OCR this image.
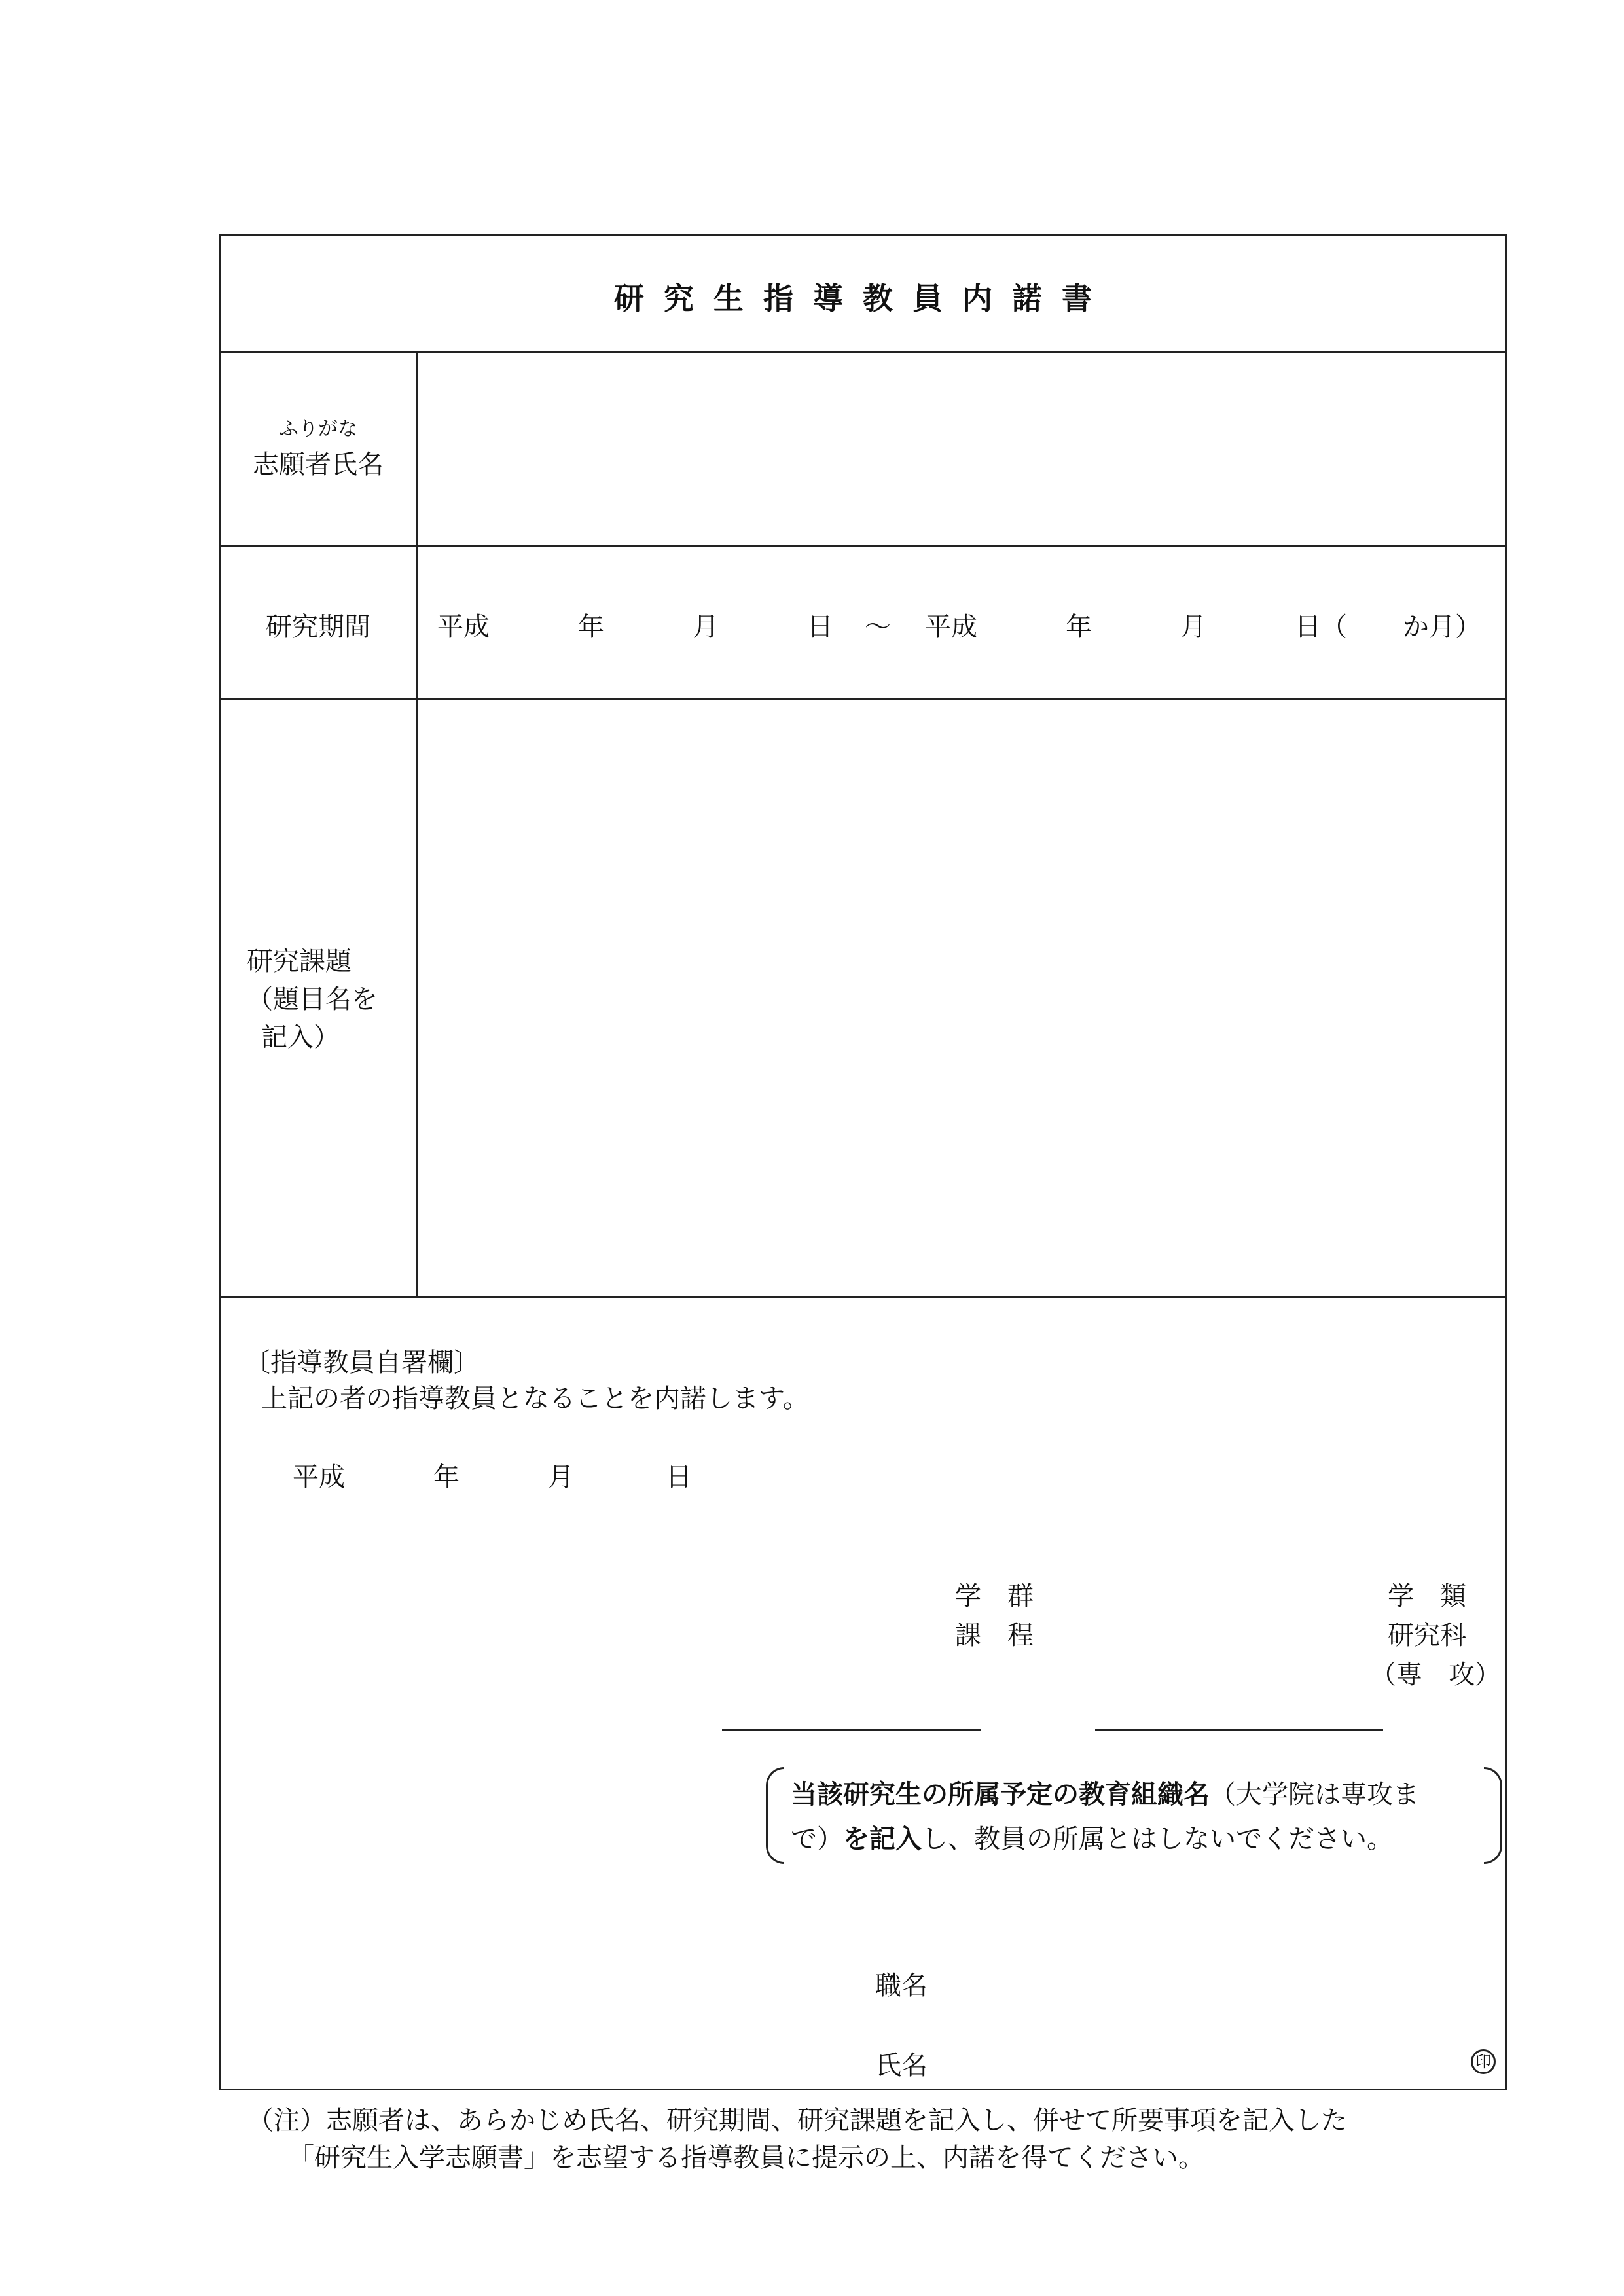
研究生指導教員内諾書
ふりがな
志願者氏名
研究期間	平成	年	月	日 ～ 平成	年	月	日（ か月）
研究課題
（題目名を
記入）
〔指導教員自署欄〕
上記の者の指導教員となることを内諾します。
平成	年	月	日
学　群
課　程
学　類
研究科
（専　攻）
職名
氏名	印
当該研究生の所属予定の教育組織名（大学院は専攻ま
で）を記入し、教員の所属とはしないでください。
（注）志願者は、あらかじめ氏名、研究期間、研究課題を記入し、併せて所要事項を記入した
「研究生入学志願書」を志望する指導教員に提示の上、内諾を得てください。
